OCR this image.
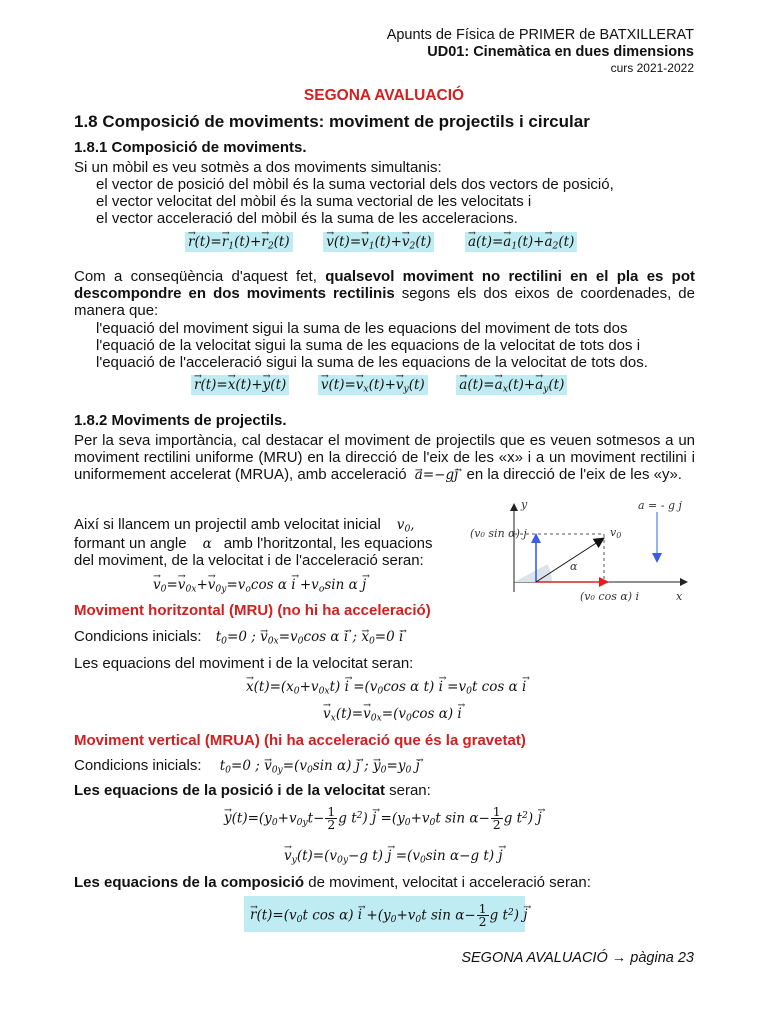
Apunts de Física de PRIMER de BATXILLERAT
UD01: Cinemàtica en dues dimensions
curs 2021-2022
SEGONA AVALUACIÓ
1.8 Composició de moviments: moviment de projectils i circular
1.8.1 Composició de moviments.
Si un mòbil es veu sotmès a dos moviments simultanis:
el vector de posició del mòbil és la suma vectorial dels dos vectors de posició,
el vector velocitat del mòbil és la suma vectorial de les velocitats i
el vector acceleració del mòbil és la suma de les acceleracions.
→ $r(t)=\to r_1(t)+\to r_2(t)$	→ $v(t)=\to v_1(t)+\to v_2(t)$	→ $a(t)=\to a_1(t)+\to a_2(t)$
Com a conseqüència d'aquest fet, qualsevol moviment no rectilini en el pla es pot descompondre en dos moviments rectilinis segons els dos eixos de coordenades, de manera que:
l'equació del moviment sigui la suma de les equacions del moviment de tots dos
l'equació de la velocitat sigui la suma de les equacions de la velocitat de tots dos i
l'equació de l'acceleració sigui la suma de les equacions de la velocitat de tots dos.
→ r(t)=→ x(t)+→ y(t)	→ $v(t)=\to v_x(t)+\to v_y(t)$	→ $a(t)=\to a_x(t)+\to a_y(t)$
1.8.2 Moviments de projectils.
Per la seva importància, cal destacar el moviment de projectils que es veuen sotmesos a un moviment rectilini uniforme (MRU) en la direcció de l'eix de les «x» i a un moviment rectilini i uniformement accelerat (MRUA), amb acceleració → a=−g→ j en la direcció de l'eix de les «y».
Així si llancem un projectil amb velocitat inicial $v_0$,
formant un angle α amb l'horitzontal, les equacions
del moviment, de la velocitat i de l'acceleració seran:
→ $v_0=\to v_{0x}+\to v_{0y}=v_o\cos$ $\alpha \to i +v_o\sin$ α → j
y
x
α
v0
(v₀ sin α) j
(v₀ cos α) i
a = - g j
Moviment horitzontal (MRU) (no hi ha acceleració)
Condicions inicials: $t_0=0$ ; → $v_{0x}=v_0\cos$ α → i ; → $x_0=0 \to i$
Les equacions del moviment i de la velocitat seran:
→ $x(t)=(x_0+v_{0x}t) \to i =(v_0\cos$ α $t) \to i =v_0t$ cos α → i
→ $v_x(t)=\to v_{0x}=(v_0\cos$ α) → i
Moviment vertical (MRUA) (hi ha acceleració que és la gravetat)
Condicions inicials: $t_0=0$ ; → $v_{0y}=(v_0\sin$ α) → j ; → $y_0=y_0 \to j$
Les equacions de la posició i de la velocitat seran:
→ $y(t)=(y_0+v_{0y}t- \frac{1}{2}$ g $t^2) \to j =(y_0+v_0t$ $\sin \alpha- \frac{1}{2}$ g $t^2) \to j$
→ $v_y(t)=(v_{0y}-g$ $t) \to j =(v_0\sin$ α−g t) → j
Les equacions de la composició de moviment, velocitat i acceleració seran:
→ $r(t)=(v_0t$ $\cos \alpha) \to i +(y_0+v_0t$ $\sin \alpha- \frac{1}{2}$ g $t^2) \to j$
SEGONA AVALUACIÓ → pàgina 23
